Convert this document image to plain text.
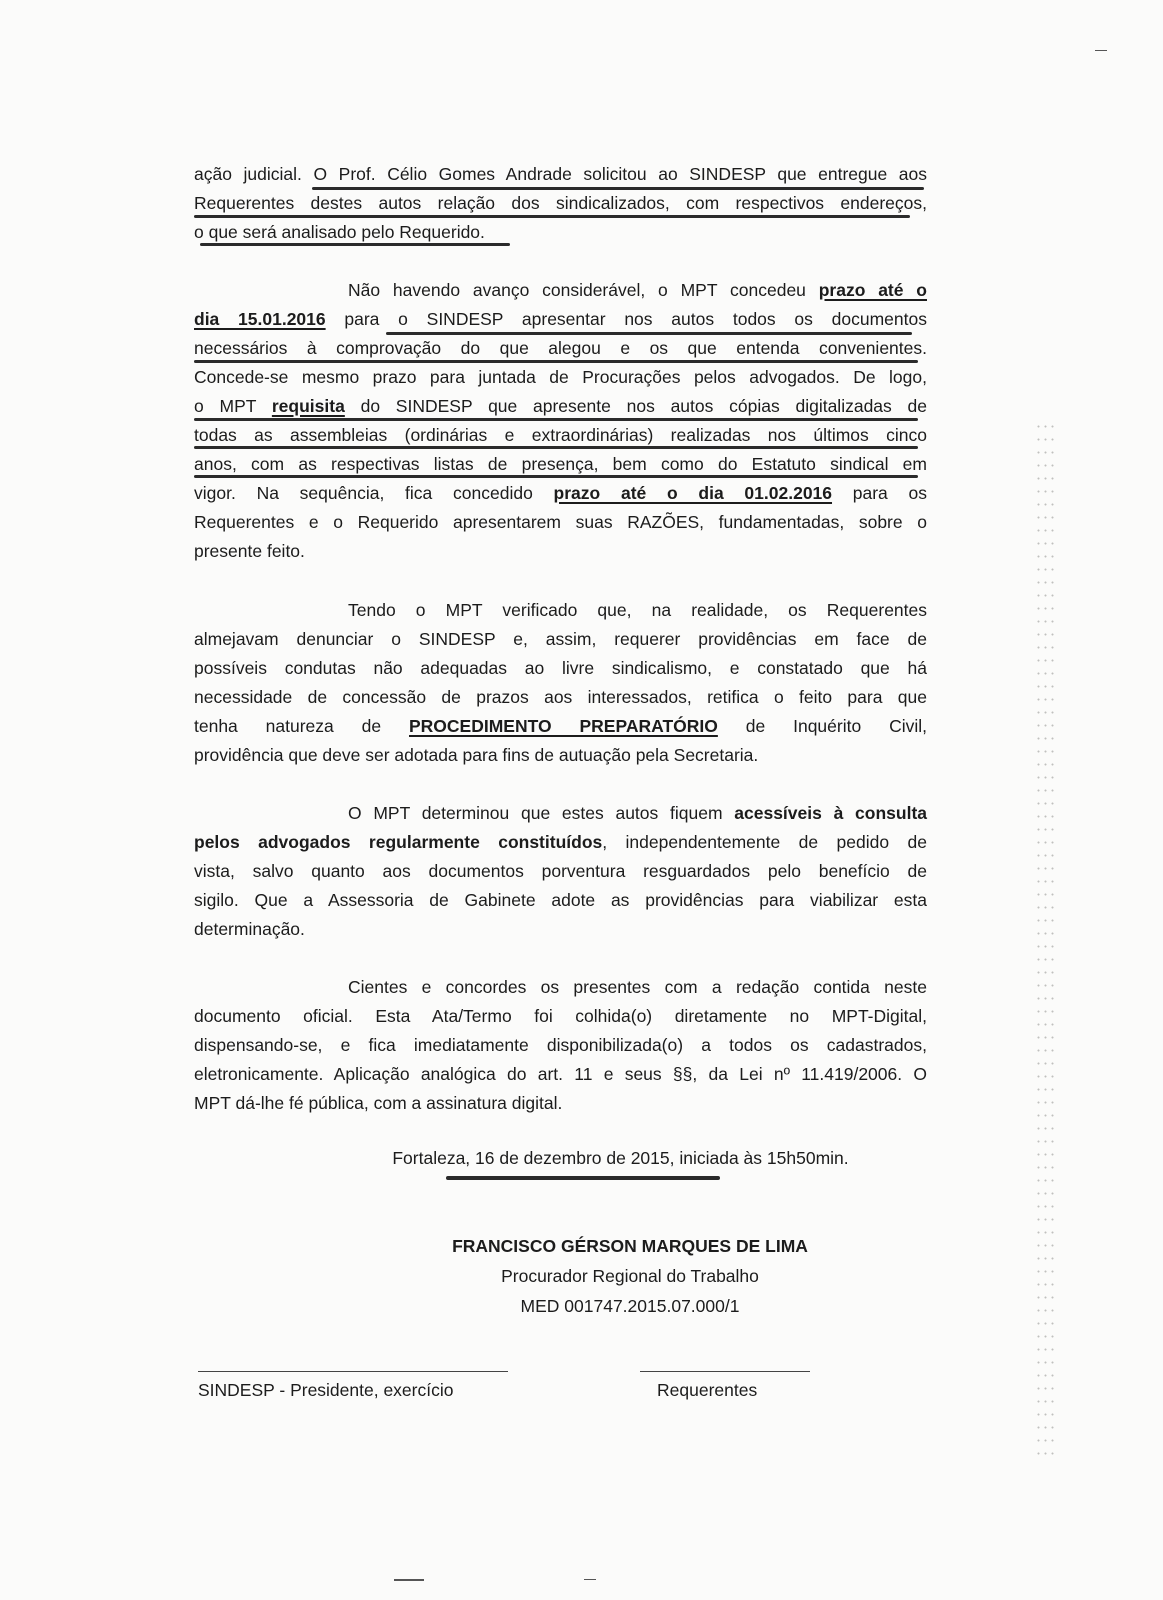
ação judicial. O Prof. Célio Gomes Andrade solicitou ao SINDESP que entregue aos
Requerentes destes autos relação dos sindicalizados, com respectivos endereços,
o que será analisado pelo Requerido.
Não havendo avanço considerável, o MPT concedeu prazo até o
dia 15.01.2016 para o SINDESP apresentar nos autos todos os documentos
necessários à comprovação do que alegou e os que entenda convenientes.
Concede-se mesmo prazo para juntada de Procurações pelos advogados. De logo,
o MPT requisita do SINDESP que apresente nos autos cópias digitalizadas de
todas as assembleias (ordinárias e extraordinárias) realizadas nos últimos cinco
anos, com as respectivas listas de presença, bem como do Estatuto sindical em
vigor. Na sequência, fica concedido prazo até o dia 01.02.2016 para os
Requerentes e o Requerido apresentarem suas RAZÕES, fundamentadas, sobre o
presente feito.
Tendo o MPT verificado que, na realidade, os Requerentes
almejavam denunciar o SINDESP e, assim, requerer providências em face de
possíveis condutas não adequadas ao livre sindicalismo, e constatado que há
necessidade de concessão de prazos aos interessados, retifica o feito para que
tenha natureza de PROCEDIMENTO PREPARATÓRIO de Inquérito Civil,
providência que deve ser adotada para fins de autuação pela Secretaria.
O MPT determinou que estes autos fiquem acessíveis à consulta
pelos advogados regularmente constituídos, independentemente de pedido de
vista, salvo quanto aos documentos porventura resguardados pelo benefício de
sigilo. Que a Assessoria de Gabinete adote as providências para viabilizar esta
determinação.
Cientes e concordes os presentes com a redação contida neste
documento oficial. Esta Ata/Termo foi colhida(o) diretamente no MPT-Digital,
dispensando-se, e fica imediatamente disponibilizada(o) a todos os cadastrados,
eletronicamente. Aplicação analógica do art. 11 e seus §§, da Lei nº 11.419/2006. O
MPT dá-lhe fé pública, com a assinatura digital.
Fortaleza, 16 de dezembro de 2015, iniciada às 15h50min.
FRANCISCO GÉRSON MARQUES DE LIMA
Procurador Regional do Trabalho
MED 001747.2015.07.000/1
SINDESP - Presidente, exercício	Requerentes
